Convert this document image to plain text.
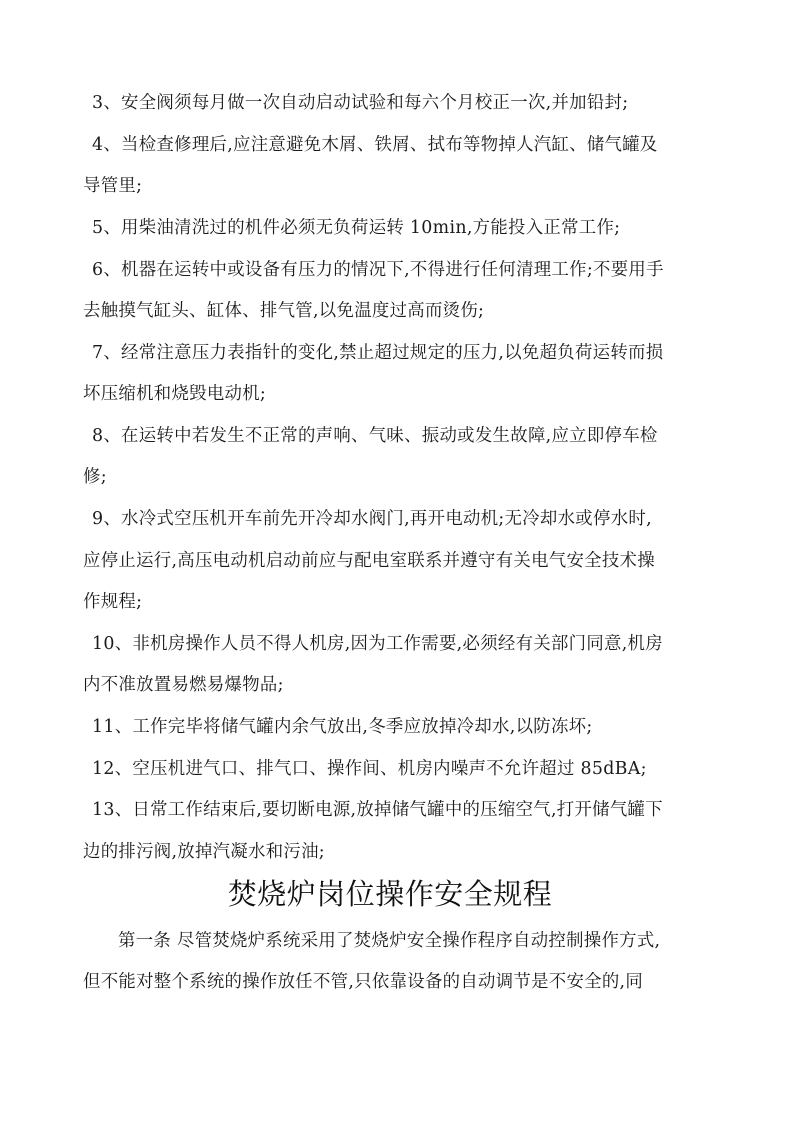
3、安全阀须每月做一次自动启动试验和每六个月校正一次,并加铅封;
4、当检查修理后,应注意避免木屑、铁屑、拭布等物掉人汽缸、储气罐及
导管里;
5、用柴油清洗过的机件必须无负荷运转 10min,方能投入正常工作;
6、机器在运转中或设备有压力的情况下,不得进行任何清理工作;不要用手
去触摸气缸头、缸体、排气管,以免温度过高而烫伤;
7、经常注意压力表指针的变化,禁止超过规定的压力,以免超负荷运转而损
坏压缩机和烧毁电动机;
8、在运转中若发生不正常的声响、气味、振动或发生故障,应立即停车检
修;
9、水冷式空压机开车前先开冷却水阀门,再开电动机;无冷却水或停水时,
应停止运行,高压电动机启动前应与配电室联系并遵守有关电气安全技术操
作规程;
10、非机房操作人员不得人机房,因为工作需要,必须经有关部门同意,机房
内不准放置易燃易爆物品;
11、工作完毕将储气罐内余气放出,冬季应放掉冷却水,以防冻坏;
12、空压机进气口、排气口、操作间、机房内噪声不允许超过 85dBA;
13、日常工作结束后,要切断电源,放掉储气罐中的压缩空气,打开储气罐下
边的排污阀,放掉汽凝水和污油;
焚烧炉岗位操作安全规程
第一条 尽管焚烧炉系统采用了焚烧炉安全操作程序自动控制操作方式,
但不能对整个系统的操作放任不管,只依靠设备的自动调节是不安全的,同
